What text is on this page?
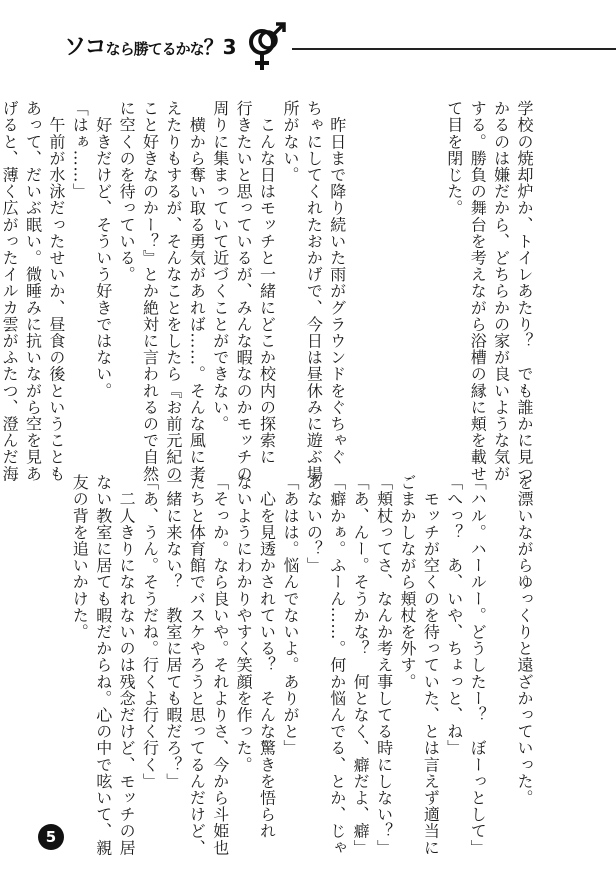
ソコなら勝てるかな？3

学校の焼却炉か、トイレあたり？　でも誰かに見つ
かるのは嫌だから、どちらかの家が良いような気が
する。勝負の舞台を考えながら浴槽の縁に頬を載せ
て目を閉じた。

　昨日まで降り続いた雨がグラウンドをぐちゃぐ
ちゃにしてくれたおかげで、今日は昼休みに遊ぶ場
所がない。
　こんな日はモッチと一緒にどこか校内の探索に
行きたいと思っているが、みんな暇なのかモッチの
周りに集まっていて近づくことができない。
　横から奪い取る勇気があれば……。そんな風に考
えたりもするが、そんなことをしたら『お前元紀の
こと好きなのかー？』とか絶対に言われるので自然
に空くのを待っている。
　好きだけど、そういう好きではない。
「はぁ……」
　午前が水泳だったせいか、昼食の後ということも
あって、だいぶ眠い。微睡みに抗いながら空を見あ
げると、薄く広がったイルカ雲がふたつ、澄んだ海

を漂いながらゆっくりと遠ざかっていった。

「ハル。ハールー。どうしたー？　ぼーっとして」
「へっ？　あ、いや、ちょっと、ね」
　モッチが空くのを待っていた、とは言えず適当に
ごまかしながら頬杖を外す。
「頬杖ってさ、なんか考え事してる時にしない？」
「あ、んー。そうかな？　何となく、癖だよ、癖」
「癖かぁ。ふーん……。何か悩んでる、とか、じゃ
あないの？」
「あはは。悩んでないよ。ありがと」
　心を見透かされている？　そんな驚きを悟られ
ないようにわかりやすく笑顔を作った。
「そっか。なら良いや。それよりさ、今から斗姫也
たちと体育館でバスケやろうと思ってるんだけど、
一緒に来ない？　教室に居ても暇だろ？」
「あ、うん。そうだね。行くよ行く行く」
　二人きりになれないのは残念だけど、モッチの居
ない教室に居ても暇だからね。心の中で呟いて、親
友の背を追いかけた。

5
